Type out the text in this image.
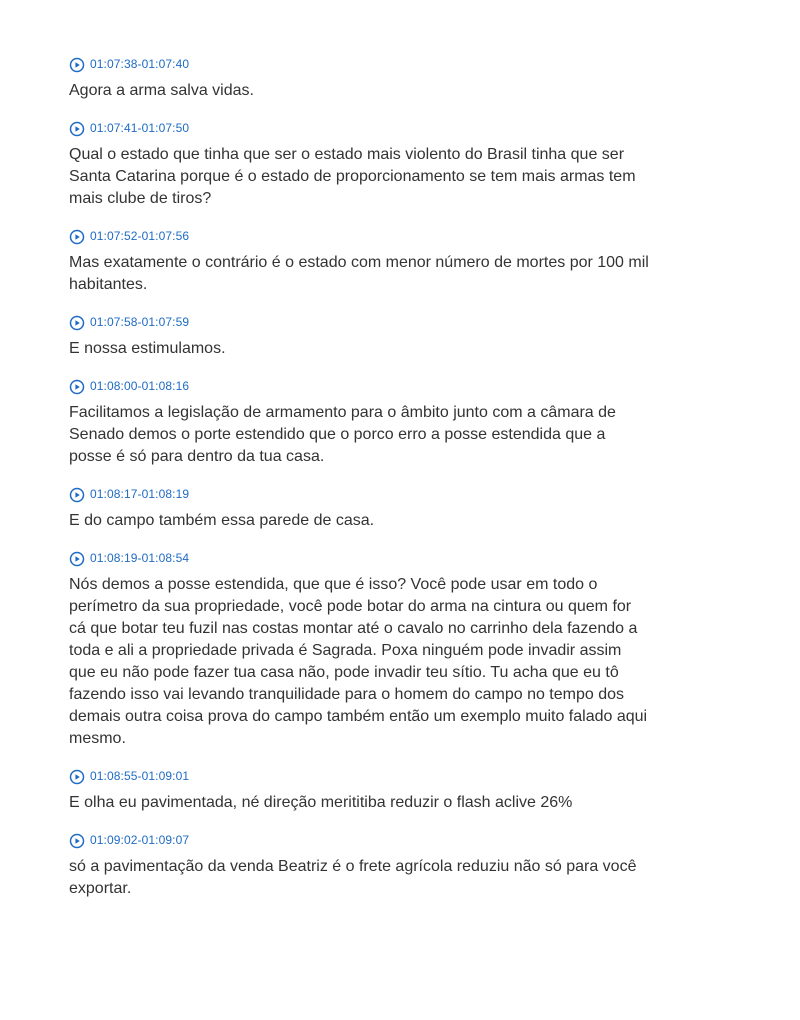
01:07:38-01:07:40

Agora a arma salva vidas.

01:07:41-01:07:50

Qual o estado que tinha que ser o estado mais violento do Brasil tinha que ser Santa Catarina porque é o estado de proporcionamento se tem mais armas tem mais clube de tiros?

01:07:52-01:07:56

Mas exatamente o contrário é o estado com menor número de mortes por 100 mil habitantes.

01:07:58-01:07:59

E nossa estimulamos.

01:08:00-01:08:16

Facilitamos a legislação de armamento para o âmbito junto com a câmara de Senado demos o porte estendido que o porco erro a posse estendida que a posse é só para dentro da tua casa.

01:08:17-01:08:19

E do campo também essa parede de casa.

01:08:19-01:08:54

Nós demos a posse estendida, que que é isso? Você pode usar em todo o perímetro da sua propriedade, você pode botar do arma na cintura ou quem for cá que botar teu fuzil nas costas montar até o cavalo no carrinho dela fazendo a toda e ali a propriedade privada é Sagrada. Poxa ninguém pode invadir assim que eu não pode fazer tua casa não, pode invadir teu sítio. Tu acha que eu tô fazendo isso vai levando tranquilidade para o homem do campo no tempo dos demais outra coisa prova do campo também então um exemplo muito falado aqui mesmo.

01:08:55-01:09:01

E olha eu pavimentada, né direção merititiba reduzir o flash aclive 26%

01:09:02-01:09:07

só a pavimentação da venda Beatriz é o frete agrícola reduziu não só para você exportar.
